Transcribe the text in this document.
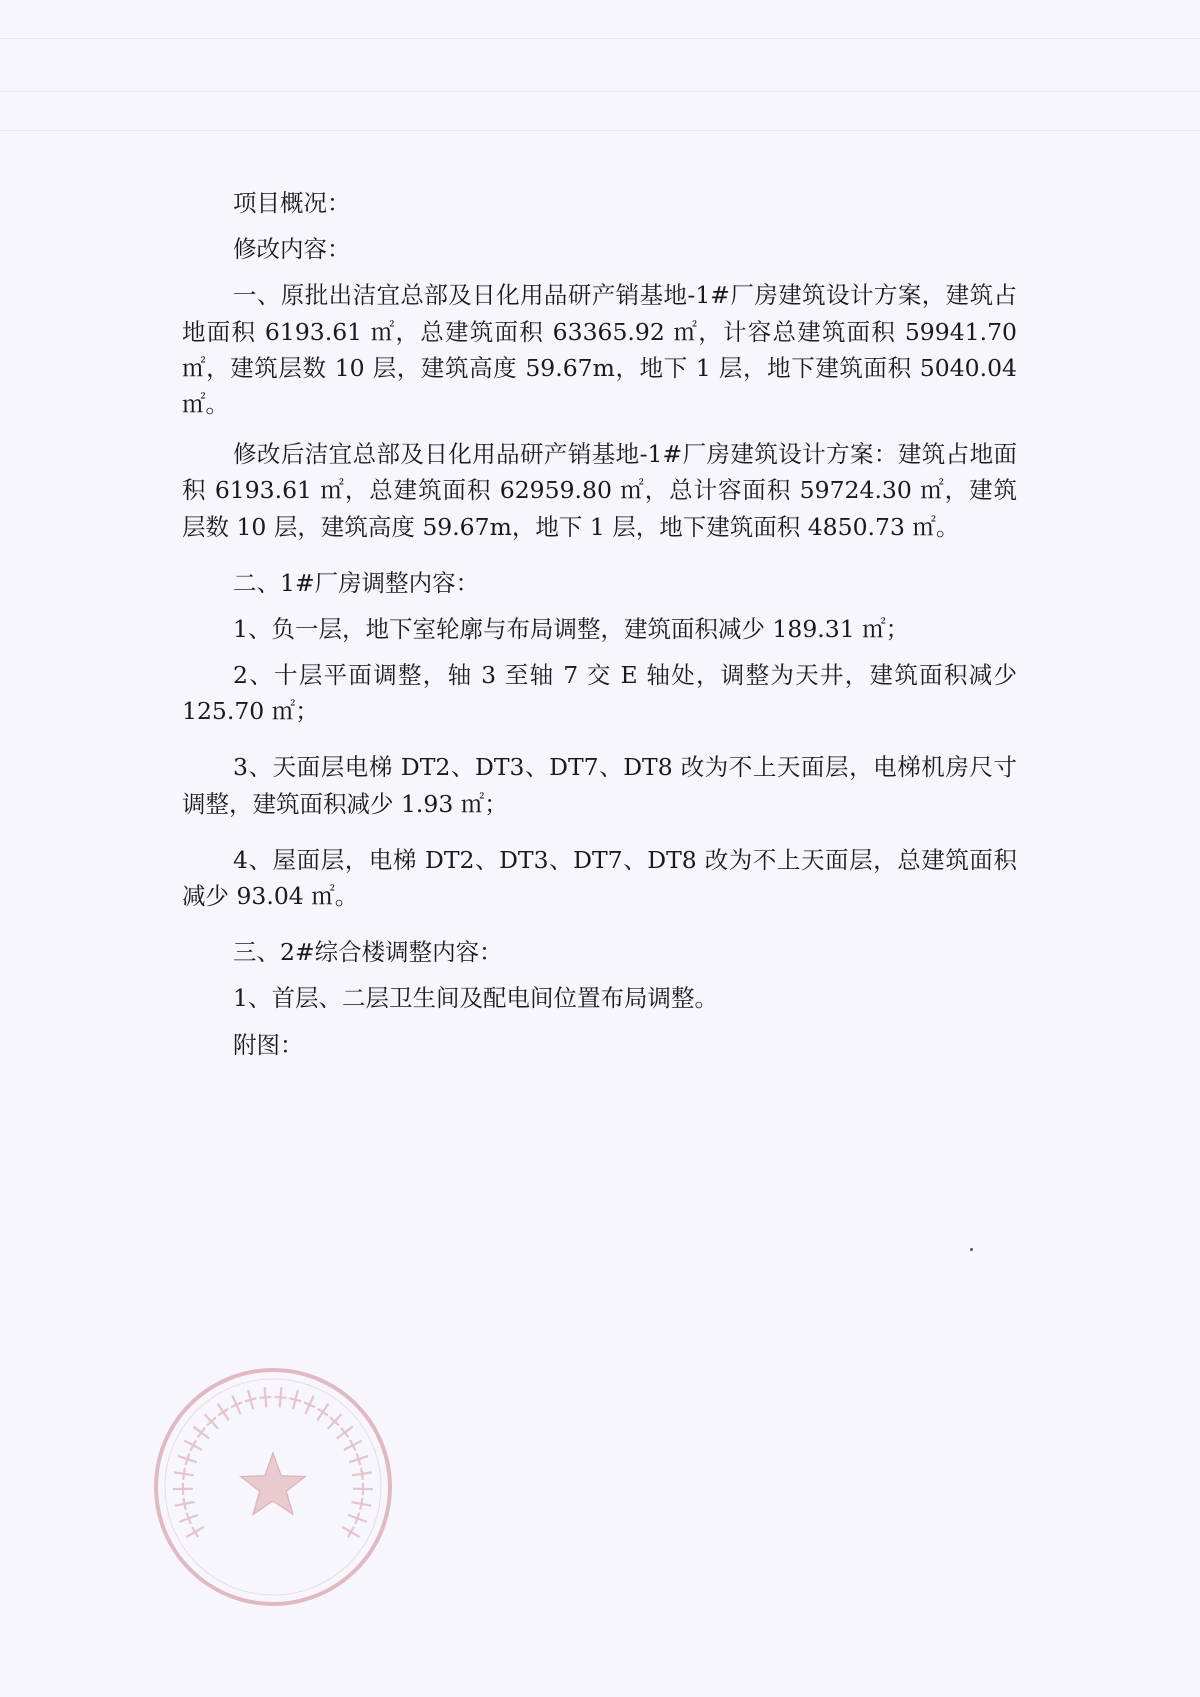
项目概况：

修改内容：

一、原批出洁宜总部及日化用品研产销基地-1#厂房建筑设计方案，建筑占地面积 6193.61 ㎡，总建筑面积 63365.92 ㎡，计容总建筑面积 59941.70 ㎡，建筑层数 10 层，建筑高度 59.67m，地下 1 层，地下建筑面积 5040.04 ㎡。

修改后洁宜总部及日化用品研产销基地-1#厂房建筑设计方案：建筑占地面积 6193.61 ㎡，总建筑面积 62959.80 ㎡，总计容面积 59724.30 ㎡，建筑层数 10 层，建筑高度 59.67m，地下 1 层，地下建筑面积 4850.73 ㎡。

二、1#厂房调整内容：

1、负一层，地下室轮廓与布局调整，建筑面积减少 189.31 ㎡；

2、十层平面调整，轴 3 至轴 7 交 E 轴处，调整为天井，建筑面积减少 125.70 ㎡；

3、天面层电梯 DT2、DT3、DT7、DT8 改为不上天面层，电梯机房尺寸调整，建筑面积减少 1.93 ㎡；

4、屋面层，电梯 DT2、DT3、DT7、DT8 改为不上天面层，总建筑面积减少 93.04 ㎡。

三、2#综合楼调整内容：

1、首层、二层卫生间及配电间位置布局调整。

附图：
